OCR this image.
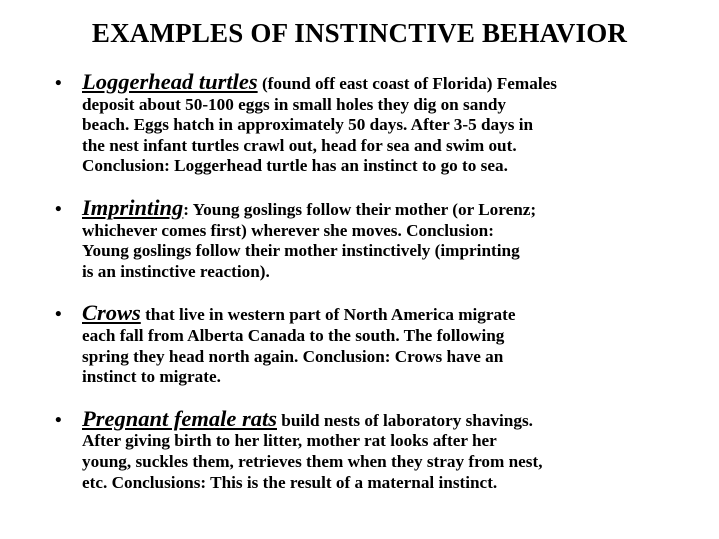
EXAMPLES OF INSTINCTIVE BEHAVIOR
• Loggerhead turtles (found off east coast of Florida) Females
deposit about 50-100 eggs in small holes they dig on sandy
beach. Eggs hatch in approximately 50 days. After 3-5 days in
the nest infant turtles crawl out, head for sea and swim out.
Conclusion: Loggerhead turtle has an instinct to go to sea.
• Imprinting: Young goslings follow their mother (or Lorenz;
whichever comes first) wherever she moves. Conclusion:
Young goslings follow their mother instinctively (imprinting
is an instinctive reaction).
• Crows that live in western part of North America migrate
each fall from Alberta Canada to the south. The following
spring they head north again. Conclusion: Crows have an
instinct to migrate.
• Pregnant female rats build nests of laboratory shavings.
After giving birth to her litter, mother rat looks after her
young, suckles them, retrieves them when they stray from nest,
etc. Conclusions: This is the result of a maternal instinct.
